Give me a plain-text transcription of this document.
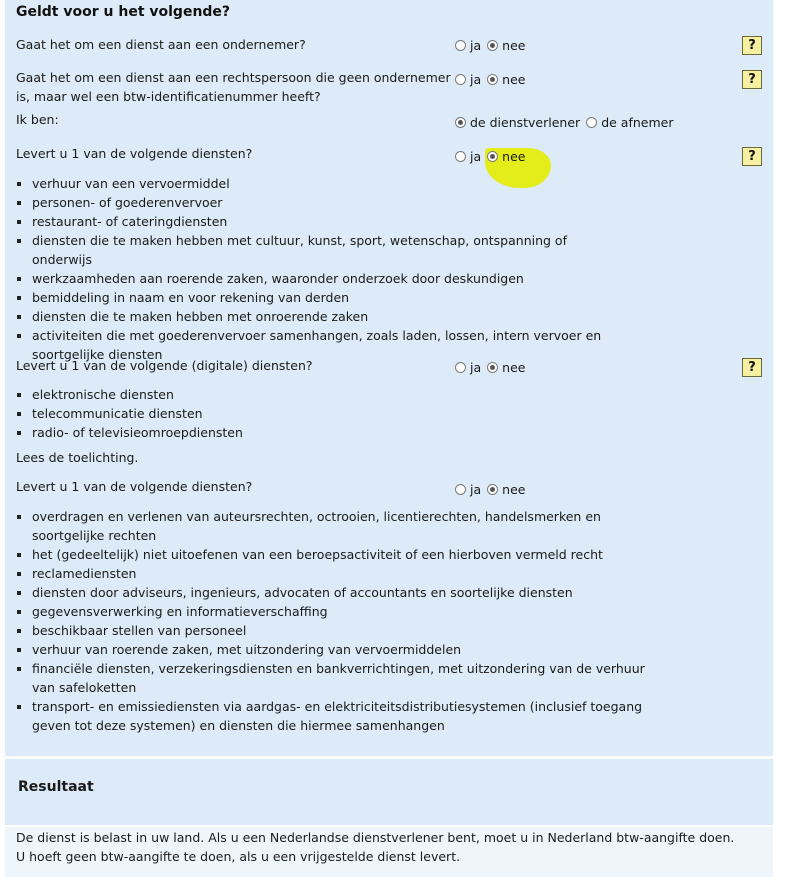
Geldt voor u het volgende?
Gaat het om een dienst aan een ondernemer?	ja nee	?
Gaat het om een dienst aan een rechtspersoon die geen ondernemer is, maar wel een btw-identificatienummer heeft?
ja nee	?
Ik ben:	de dienstverlener de afnemer
Levert u 1 van de volgende diensten?	ja nee	?
verhuur van een vervoermiddel
personen- of goederenvervoer
restaurant- of cateringdiensten
diensten die te maken hebben met cultuur, kunst, sport, wetenschap, ontspanning of onderwijs
werkzaamheden aan roerende zaken, waaronder onderzoek door deskundigen
bemiddeling in naam en voor rekening van derden
diensten die te maken hebben met onroerende zaken
activiteiten die met goederenvervoer samenhangen, zoals laden, lossen, intern vervoer en soortgelijke diensten
Levert u 1 van de volgende (digitale) diensten?	ja nee	?
elektronische diensten
telecommunicatie diensten
radio- of televisieomroepdiensten
Lees de toelichting.
Levert u 1 van de volgende diensten?	ja nee
overdragen en verlenen van auteursrechten, octrooien, licentierechten, handelsmerken en soortgelijke rechten
het (gedeeltelijk) niet uitoefenen van een beroepsactiviteit of een hierboven vermeld recht
reclamediensten
diensten door adviseurs, ingenieurs, advocaten of accountants en soortelijke diensten
gegevensverwerking en informatieverschaffing
beschikbaar stellen van personeel
verhuur van roerende zaken, met uitzondering van vervoermiddelen
financiële diensten, verzekeringsdiensten en bankverrichtingen, met uitzondering van de verhuur van safeloketten
transport- en emissiediensten via aardgas- en elektriciteitsdistributiesystemen (inclusief toegang geven tot deze systemen) en diensten die hiermee samenhangen
Resultaat
De dienst is belast in uw land. Als u een Nederlandse dienstverlener bent, moet u in Nederland btw-aangifte doen.
U hoeft geen btw-aangifte te doen, als u een vrijgestelde dienst levert.
